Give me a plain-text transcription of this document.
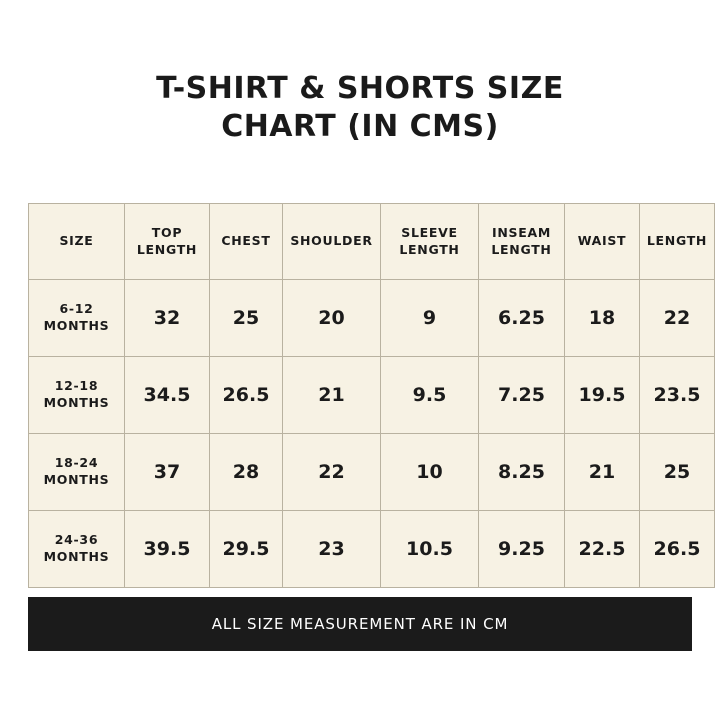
T-SHIRT & SHORTS SIZE
CHART (IN CMS)
SIZE	TOP LENGTH	CHEST	SHOULDER	SLEEVE LENGTH	INSEAM LENGTH	WAIST	LENGTH
6-12 MONTHS	32	25	20	9	6.25	18	22
12-18 MONTHS	34.5	26.5	21	9.5	7.25	19.5	23.5
18-24 MONTHS	37	28	22	10	8.25	21	25
24-36 MONTHS	39.5	29.5	23	10.5	9.25	22.5	26.5
ALL SIZE MEASUREMENT ARE IN CM
